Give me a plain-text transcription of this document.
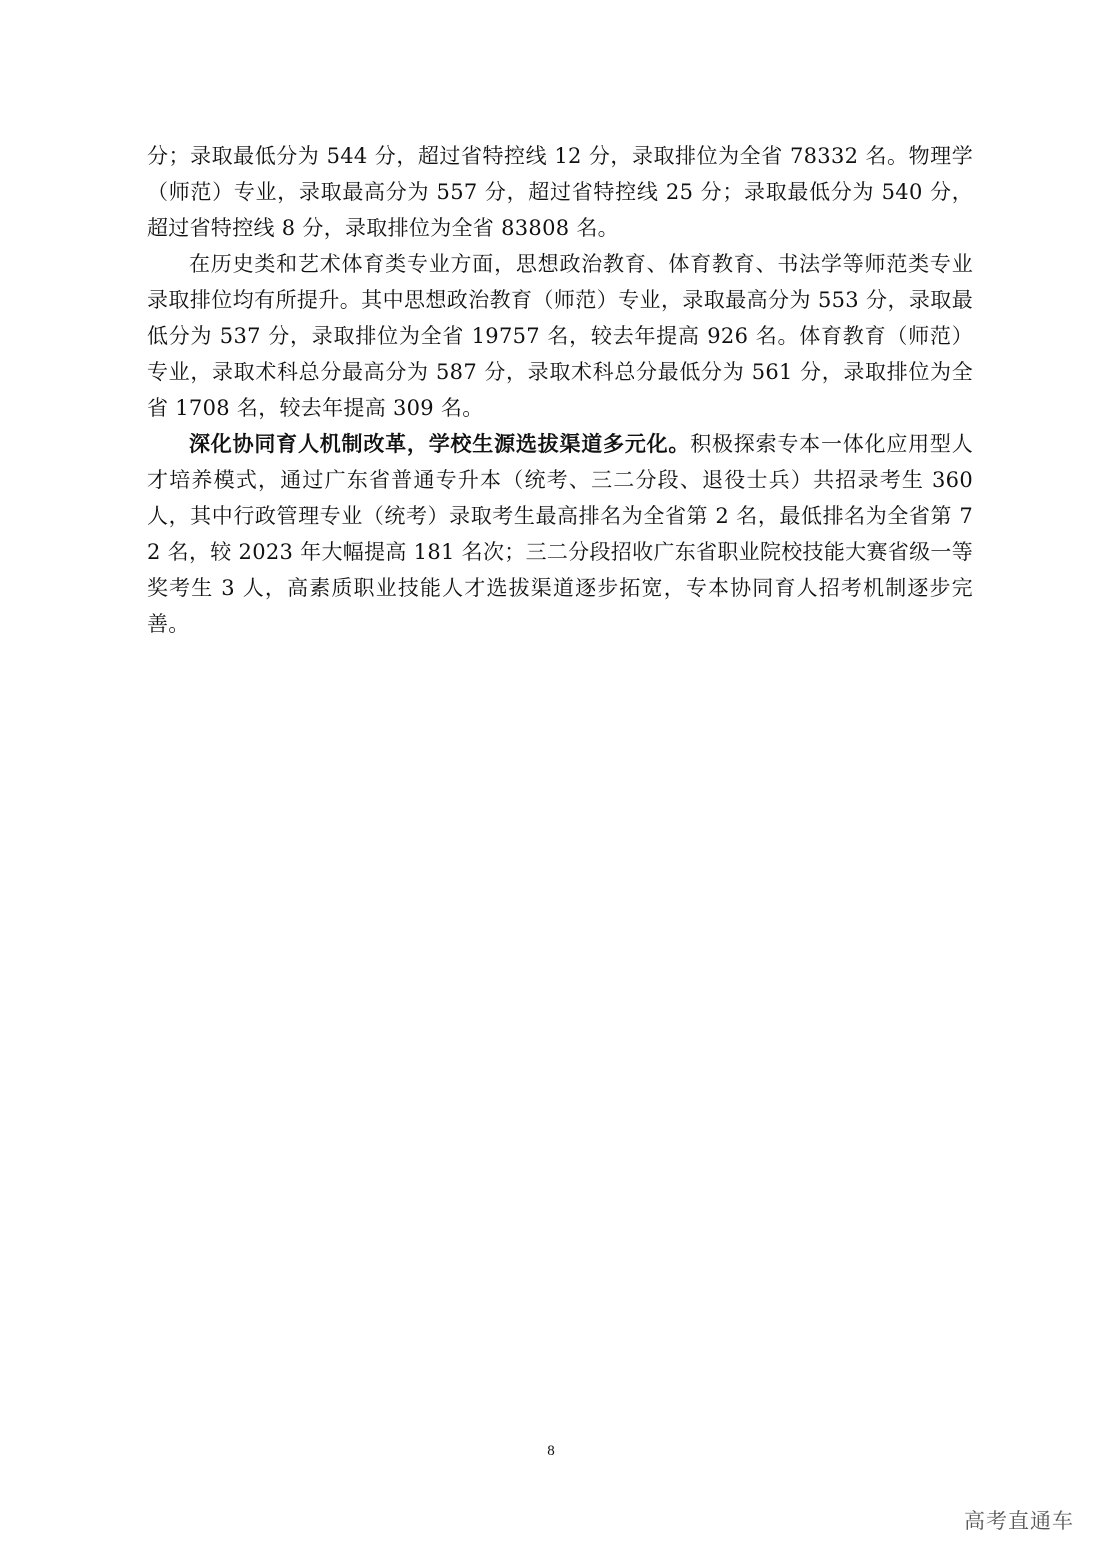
分；录取最低分为 544 分，超过省特控线 12 分，录取排位为全省 78332 名。物理学（师范）专业，录取最高分为 557 分，超过省特控线 25 分；录取最低分为 540 分，超过省特控线 8 分，录取排位为全省 83808 名。

在历史类和艺术体育类专业方面，思想政治教育、体育教育、书法学等师范类专业录取排位均有所提升。其中思想政治教育（师范）专业，录取最高分为 553 分，录取最低分为 537 分，录取排位为全省 19757 名，较去年提高 926 名。体育教育（师范）专业，录取术科总分最高分为 587 分，录取术科总分最低分为 561 分，录取排位为全省 1708 名，较去年提高 309 名。

深化协同育人机制改革，学校生源选拔渠道多元化。积极探索专本一体化应用型人才培养模式，通过广东省普通专升本（统考、三二分段、退役士兵）共招录考生 360 人，其中行政管理专业（统考）录取考生最高排名为全省第 2 名，最低排名为全省第 72 名，较 2023 年大幅提高 181 名次；三二分段招收广东省职业院校技能大赛省级一等奖考生 3 人，高素质职业技能人才选拔渠道逐步拓宽，专本协同育人招考机制逐步完善。

8
高考直通车
